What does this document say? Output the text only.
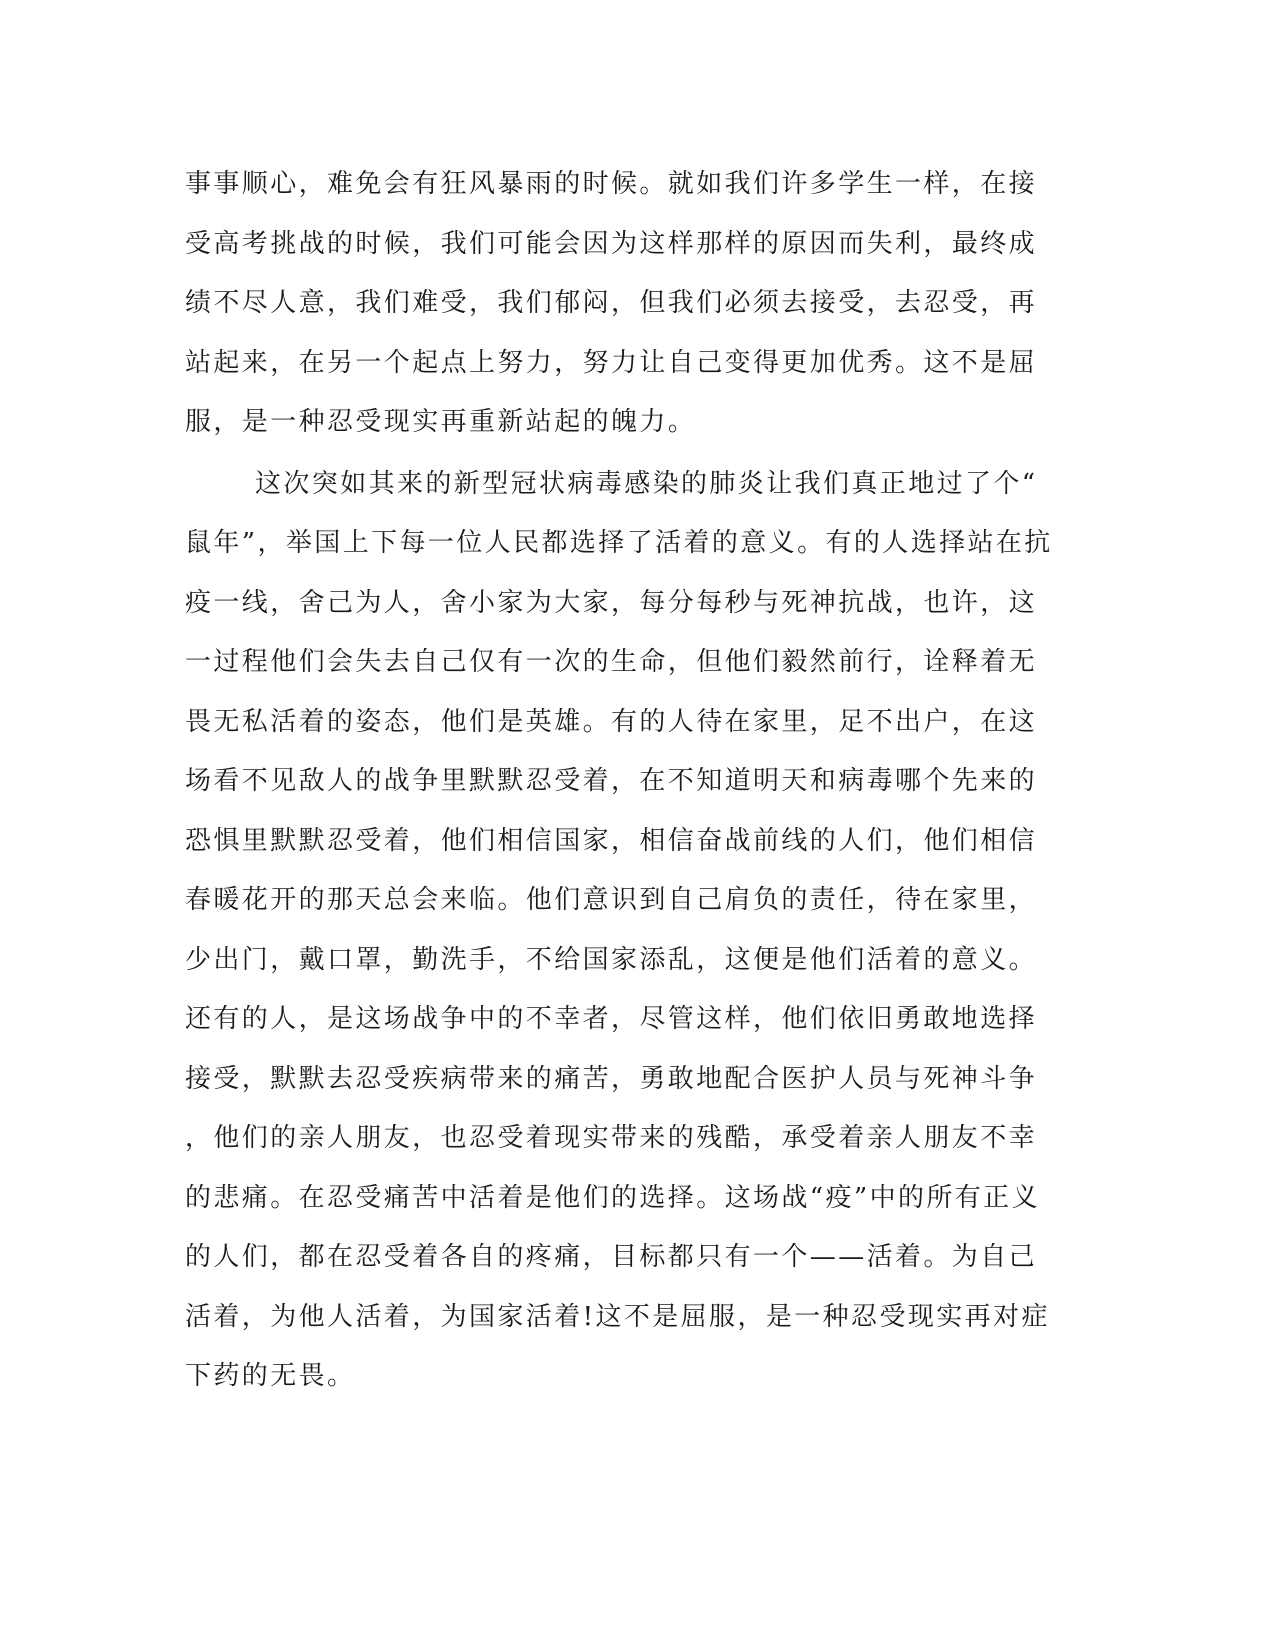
事事顺心，难免会有狂风暴雨的时候。就如我们许多学生一样，在接
受高考挑战的时候，我们可能会因为这样那样的原因而失利，最终成
绩不尽人意，我们难受，我们郁闷，但我们必须去接受，去忍受，再
站起来，在另一个起点上努力，努力让自己变得更加优秀。这不是屈
服，是一种忍受现实再重新站起的魄力。
这次突如其来的新型冠状病毒感染的肺炎让我们真正地过了个“
鼠年”，举国上下每一位人民都选择了活着的意义。有的人选择站在抗
疫一线，舍己为人，舍小家为大家，每分每秒与死神抗战，也许，这
一过程他们会失去自己仅有一次的生命，但他们毅然前行，诠释着无
畏无私活着的姿态，他们是英雄。有的人待在家里，足不出户，在这
场看不见敌人的战争里默默忍受着，在不知道明天和病毒哪个先来的
恐惧里默默忍受着，他们相信国家，相信奋战前线的人们，他们相信
春暖花开的那天总会来临。他们意识到自己肩负的责任，待在家里，
少出门，戴口罩，勤洗手，不给国家添乱，这便是他们活着的意义。
还有的人，是这场战争中的不幸者，尽管这样，他们依旧勇敢地选择
接受，默默去忍受疾病带来的痛苦，勇敢地配合医护人员与死神斗争
，他们的亲人朋友，也忍受着现实带来的残酷，承受着亲人朋友不幸
的悲痛。在忍受痛苦中活着是他们的选择。这场战“疫”中的所有正义
的人们，都在忍受着各自的疼痛，目标都只有一个——活着。为自己
活着，为他人活着，为国家活着!这不是屈服，是一种忍受现实再对症
下药的无畏。
